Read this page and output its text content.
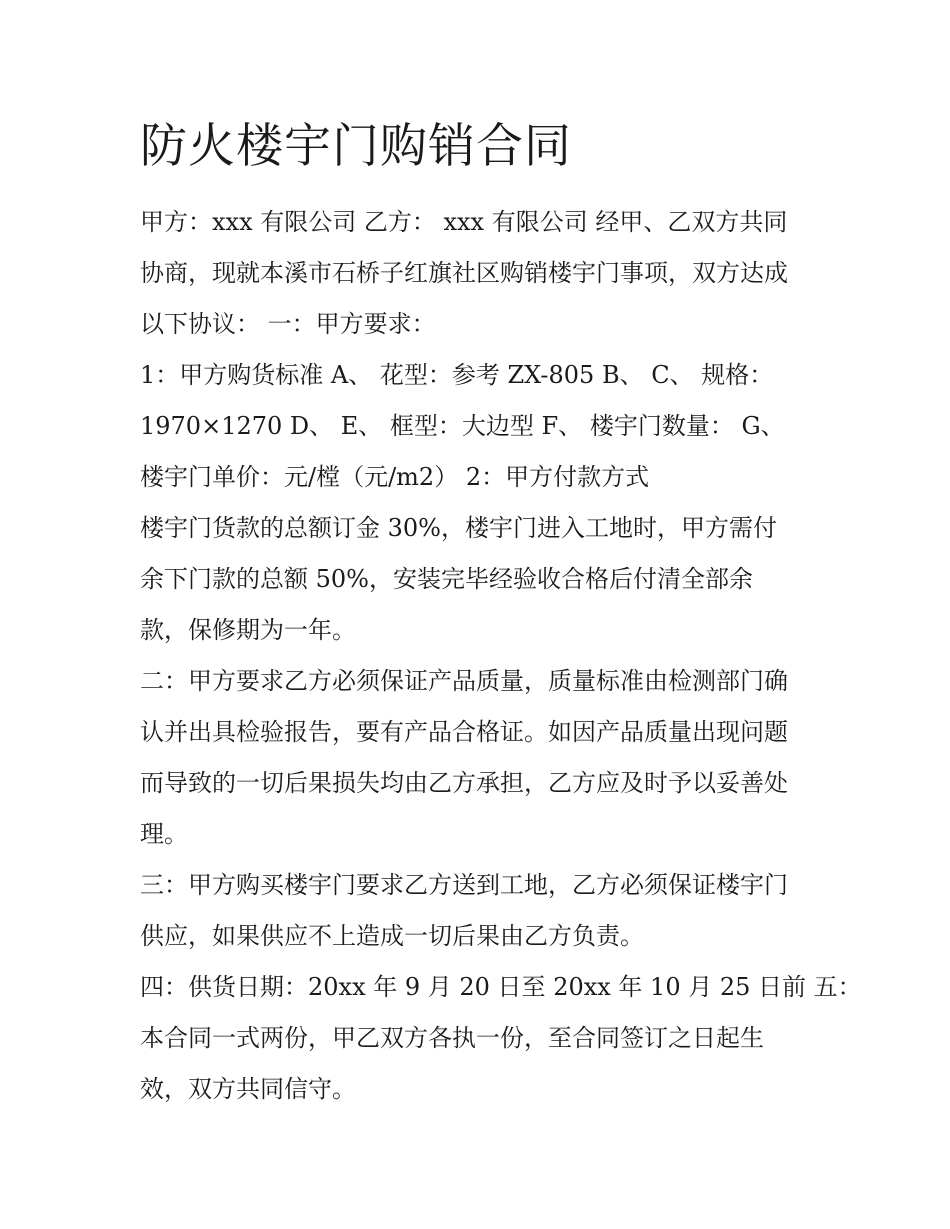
防火楼宇门购销合同

甲方：xxx 有限公司 乙方： xxx 有限公司 经甲、乙双方共同

协商，现就本溪市石桥子红旗社区购销楼宇门事项，双方达成

以下协议： 一：甲方要求：

1：甲方购货标准 A、 花型：参考 ZX-805 B、 C、 规格：

1970×1270 D、 E、 框型：大边型 F、 楼宇门数量： G、

楼宇门单价：元/樘（元/m2） 2：甲方付款方式

楼宇门货款的总额订金 30%，楼宇门进入工地时，甲方需付

余下门款的总额 50%，安装完毕经验收合格后付清全部余

款，保修期为一年。

二：甲方要求乙方必须保证产品质量，质量标准由检测部门确

认并出具检验报告，要有产品合格证。如因产品质量出现问题

而导致的一切后果损失均由乙方承担，乙方应及时予以妥善处

理。

三：甲方购买楼宇门要求乙方送到工地，乙方必须保证楼宇门

供应，如果供应不上造成一切后果由乙方负责。

四：供货日期：20xx 年 9 月 20 日至 20xx 年 10 月 25 日前 五：

本合同一式两份，甲乙双方各执一份，至合同签订之日起生

效，双方共同信守。
